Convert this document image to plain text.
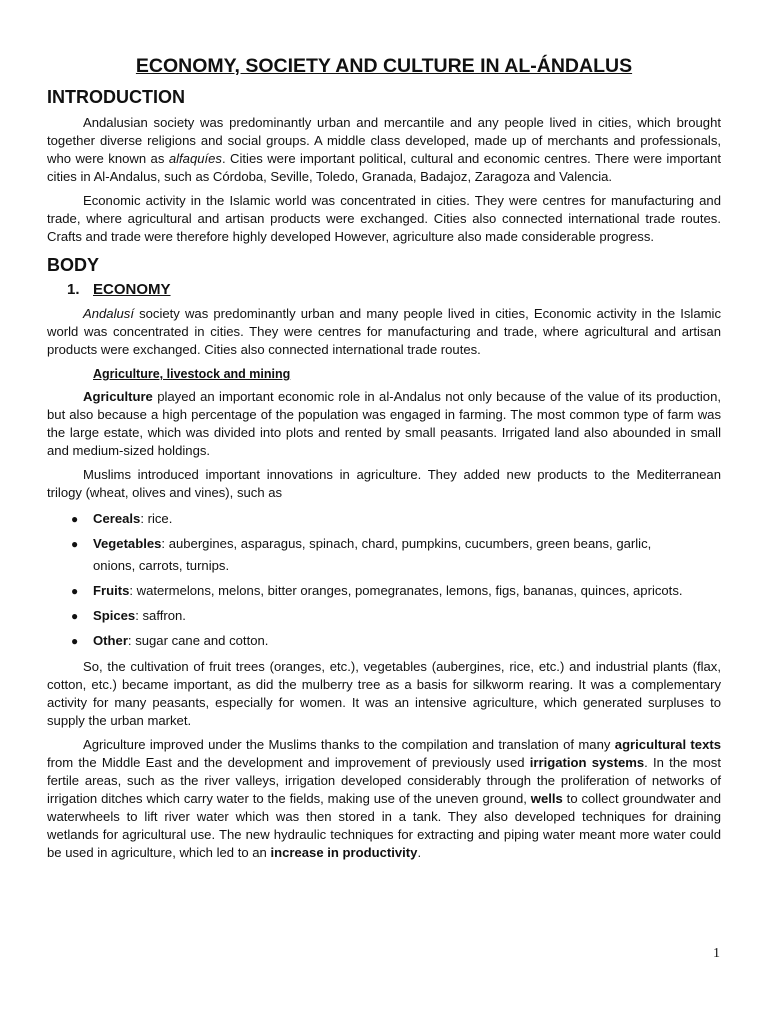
ECONOMY, SOCIETY AND CULTURE IN AL-ÁNDALUS
INTRODUCTION

Andalusian society was predominantly urban and mercantile and any people lived in cities, which brought together diverse religions and social groups. A middle class developed, made up of merchants and professionals, who were known as alfaquíes. Cities were important political, cultural and economic centres. There were important cities in Al-Andalus, such as Córdoba, Seville, Toledo, Granada, Badajoz, Zaragoza and Valencia.

Economic activity in the Islamic world was concentrated in cities. They were centres for manufacturing and trade, where agricultural and artisan products were exchanged. Cities also connected international trade routes. Crafts and trade were therefore highly developed However, agriculture also made considerable progress.

BODY
1. ECONOMY

Andalusí society was predominantly urban and many people lived in cities, Economic activity in the Islamic world was concentrated in cities. They were centres for manufacturing and trade, where agricultural and artisan products were exchanged. Cities also connected international trade routes.

Agriculture, livestock and mining

Agriculture played an important economic role in al-Andalus not only because of the value of its production, but also because a high percentage of the population was engaged in farming. The most common type of farm was the large estate, which was divided into plots and rented by small peasants. Irrigated land also abounded in small and medium-sized holdings.

Muslims introduced important innovations in agriculture. They added new products to the Mediterranean trilogy (wheat, olives and vines), such as

● Cereals: rice.
● Vegetables: aubergines, asparagus, spinach, chard, pumpkins, cucumbers, green beans, garlic, onions, carrots, turnips.
● Fruits: watermelons, melons, bitter oranges, pomegranates, lemons, figs, bananas, quinces, apricots.
● Spices: saffron.
● Other: sugar cane and cotton.

So, the cultivation of fruit trees (oranges, etc.), vegetables (aubergines, rice, etc.) and industrial plants (flax, cotton, etc.) became important, as did the mulberry tree as a basis for silkworm rearing. It was a complementary activity for many peasants, especially for women. It was an intensive agriculture, which generated surpluses to supply the urban market.

Agriculture improved under the Muslims thanks to the compilation and translation of many agricultural texts from the Middle East and the development and improvement of previously used irrigation systems. In the most fertile areas, such as the river valleys, irrigation developed considerably through the proliferation of networks of irrigation ditches which carry water to the fields, making use of the uneven ground, wells to collect groundwater and waterwheels to lift river water which was then stored in a tank. They also developed techniques for draining wetlands for agricultural use. The new hydraulic techniques for extracting and piping water meant more water could be used in agriculture, which led to an increase in productivity.

1
